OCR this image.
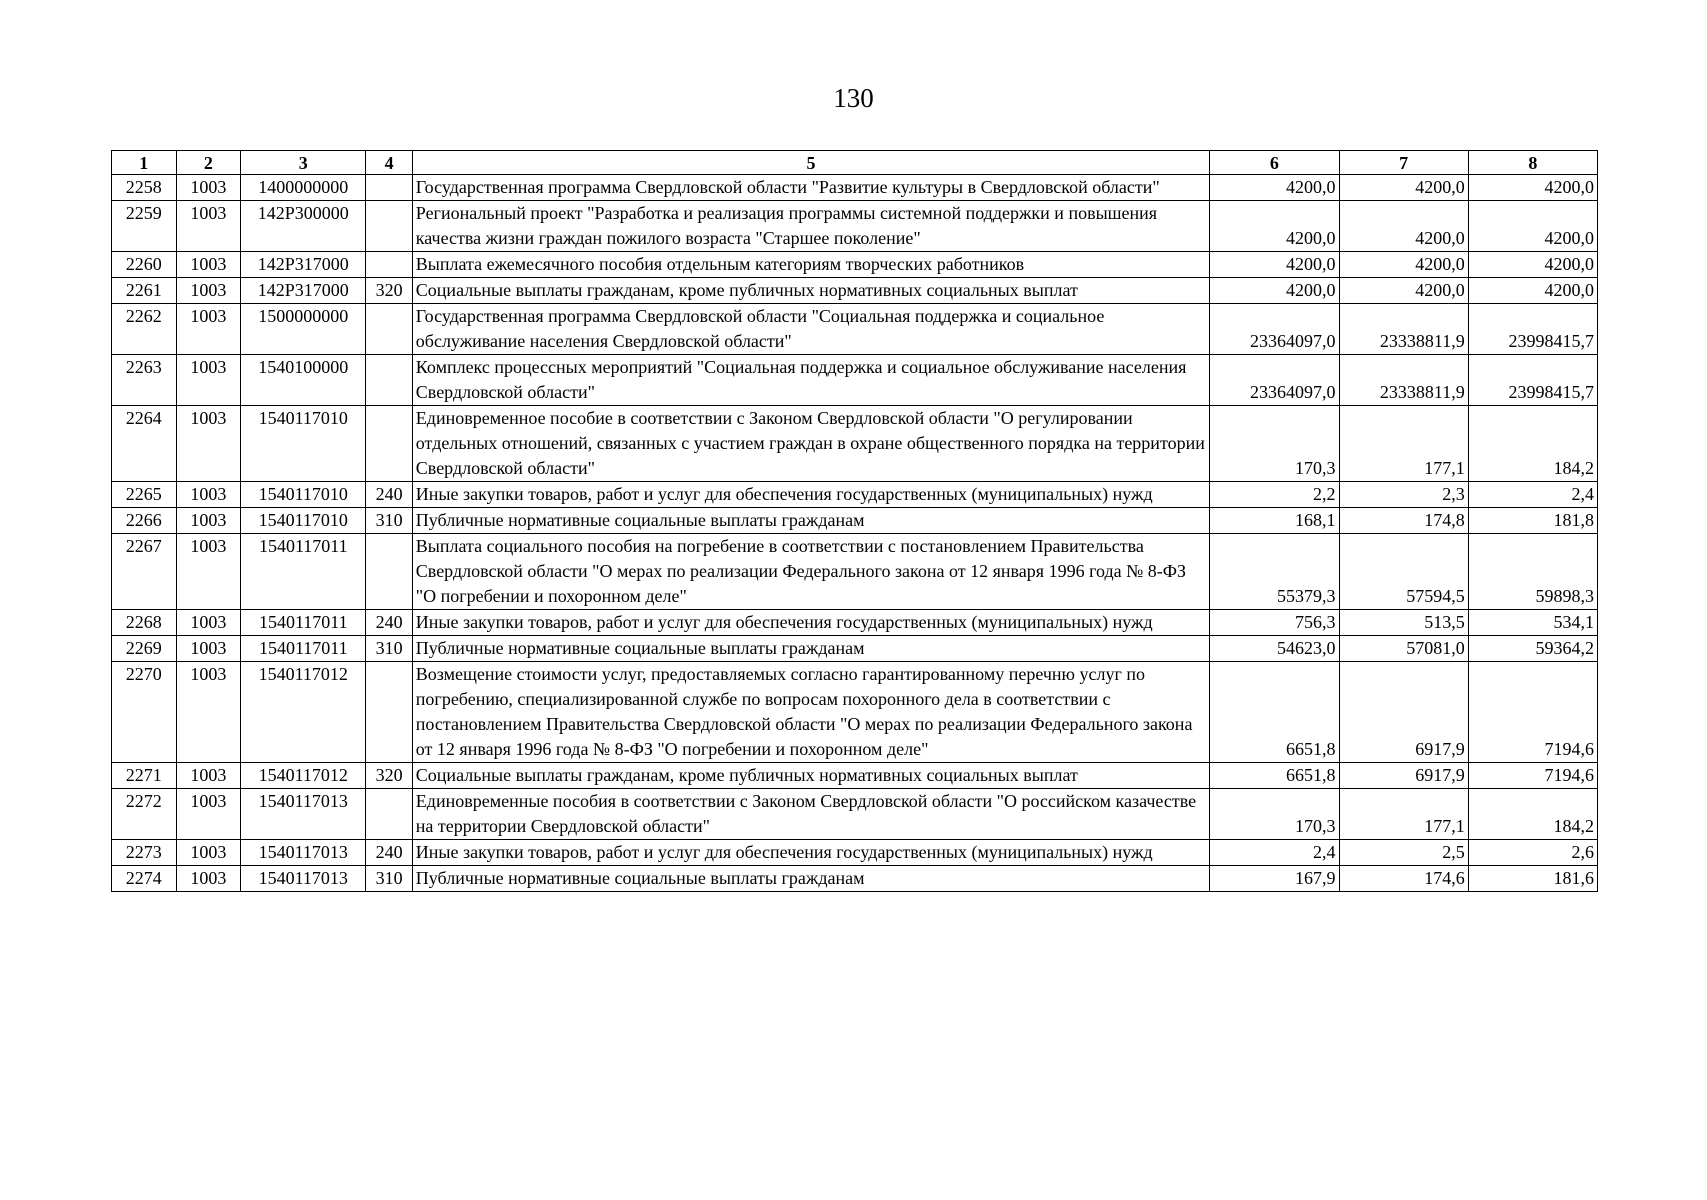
130
1	2	3	4	5	6	7	8
2258	1003	1400000000		Государственная программа Свердловской области "Развитие культуры в Свердловской области"	4200,0	4200,0	4200,0
2259	1003	142P300000		Региональный проект "Разработка и реализация программы системной поддержки и повышения качества жизни граждан пожилого возраста "Старшее поколение"	4200,0	4200,0	4200,0
2260	1003	142P317000		Выплата ежемесячного пособия отдельным категориям творческих работников	4200,0	4200,0	4200,0
2261	1003	142P317000	320	Социальные выплаты гражданам, кроме публичных нормативных социальных выплат	4200,0	4200,0	4200,0
2262	1003	1500000000		Государственная программа Свердловской области "Социальная поддержка и социальное обслуживание населения Свердловской области"	23364097,0	23338811,9	23998415,7
2263	1003	1540100000		Комплекс процессных мероприятий "Социальная поддержка и социальное обслуживание населения Свердловской области"	23364097,0	23338811,9	23998415,7
2264	1003	1540117010		Единовременное пособие в соответствии с Законом Свердловской области "О регулировании отдельных отношений, связанных с участием граждан в охране общественного порядка на территории Свердловской области"	170,3	177,1	184,2
2265	1003	1540117010	240	Иные закупки товаров, работ и услуг для обеспечения государственных (муниципальных) нужд	2,2	2,3	2,4
2266	1003	1540117010	310	Публичные нормативные социальные выплаты гражданам	168,1	174,8	181,8
2267	1003	1540117011		Выплата социального пособия на погребение в соответствии с постановлением Правительства Свердловской области "О мерах по реализации Федерального закона от 12 января 1996 года № 8-ФЗ "О погребении и похоронном деле"	55379,3	57594,5	59898,3
2268	1003	1540117011	240	Иные закупки товаров, работ и услуг для обеспечения государственных (муниципальных) нужд	756,3	513,5	534,1
2269	1003	1540117011	310	Публичные нормативные социальные выплаты гражданам	54623,0	57081,0	59364,2
2270	1003	1540117012		Возмещение стоимости услуг, предоставляемых согласно гарантированному перечню услуг по погребению, специализированной службе по вопросам похоронного дела в соответствии с постановлением Правительства Свердловской области "О мерах по реализации Федерального закона от 12 января 1996 года № 8-ФЗ "О погребении и похоронном деле"	6651,8	6917,9	7194,6
2271	1003	1540117012	320	Социальные выплаты гражданам, кроме публичных нормативных социальных выплат	6651,8	6917,9	7194,6
2272	1003	1540117013		Единовременные пособия в соответствии с Законом Свердловской области "О российском казачестве на территории Свердловской области"	170,3	177,1	184,2
2273	1003	1540117013	240	Иные закупки товаров, работ и услуг для обеспечения государственных (муниципальных) нужд	2,4	2,5	2,6
2274	1003	1540117013	310	Публичные нормативные социальные выплаты гражданам	167,9	174,6	181,6
